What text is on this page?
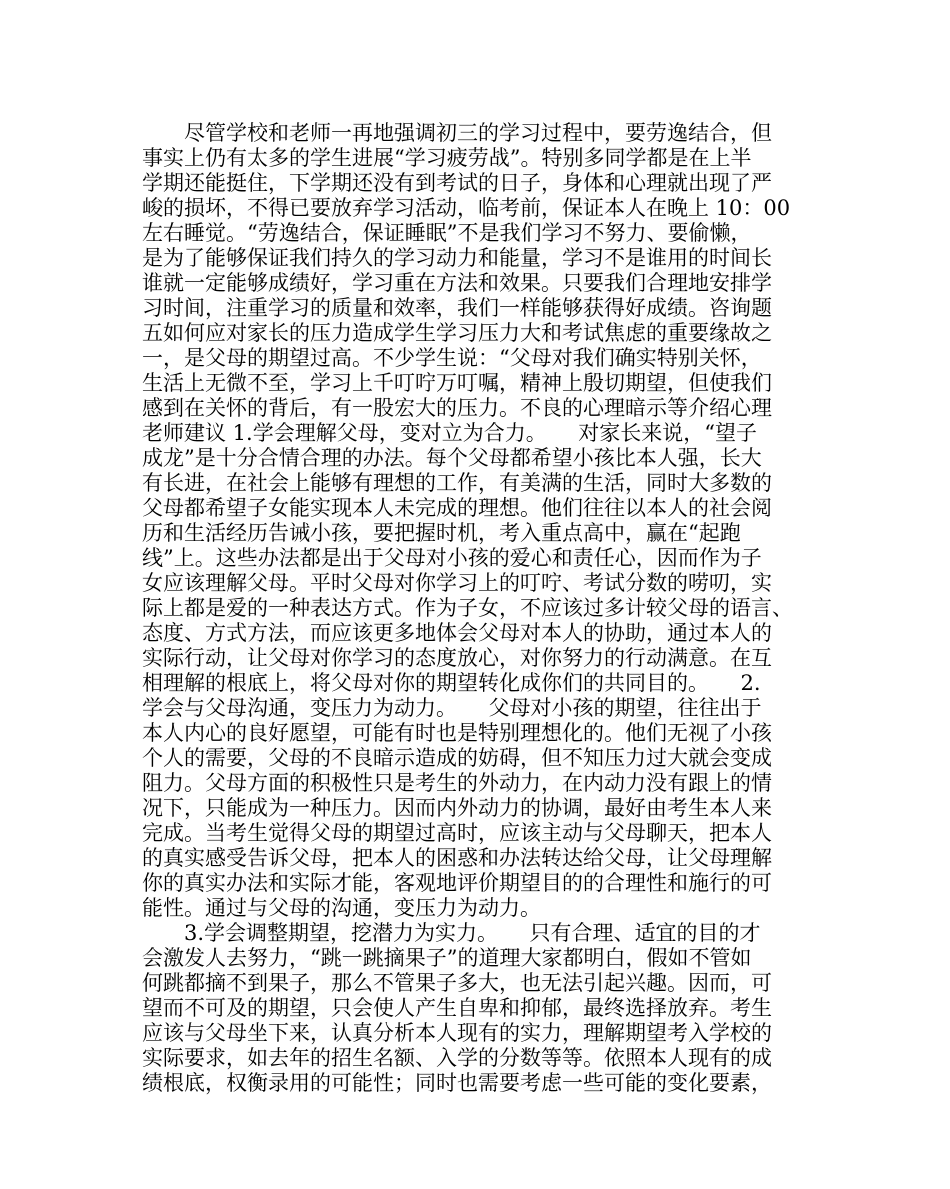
　　尽管学校和老师一再地强调初三的学习过程中，要劳逸结合，但
事实上仍有太多的学生进展“学习疲劳战”。特别多同学都是在上半
学期还能挺住，下学期还没有到考试的日子，身体和心理就出现了严
峻的损坏，不得已要放弃学习活动，临考前，保证本人在晚上 10：00
左右睡觉。“劳逸结合，保证睡眠”不是我们学习不努力、要偷懒，
是为了能够保证我们持久的学习动力和能量，学习不是谁用的时间长
谁就一定能够成绩好，学习重在方法和效果。只要我们合理地安排学
习时间，注重学习的质量和效率，我们一样能够获得好成绩。咨询题
五如何应对家长的压力造成学生学习压力大和考试焦虑的重要缘故之
一，是父母的期望过高。不少学生说：“父母对我们确实特别关怀，
生活上无微不至，学习上千叮咛万叮嘱，精神上殷切期望，但使我们
感到在关怀的背后，有一股宏大的压力。不良的心理暗示等介绍心理
老师建议 1.学会理解父母，变对立为合力。　　对家长来说，“望子
成龙”是十分合情合理的办法。每个父母都希望小孩比本人强，长大
有长进，在社会上能够有理想的工作，有美满的生活，同时大多数的
父母都希望子女能实现本人未完成的理想。他们往往以本人的社会阅
历和生活经历告诫小孩，要把握时机，考入重点高中，赢在“起跑
线”上。这些办法都是出于父母对小孩的爱心和责任心，因而作为子
女应该理解父母。平时父母对你学习上的叮咛、考试分数的唠叨，实
际上都是爱的一种表达方式。作为子女，不应该过多计较父母的语言、
态度、方式方法，而应该更多地体会父母对本人的协助，通过本人的
实际行动，让父母对你学习的态度放心，对你努力的行动满意。在互
相理解的根底上，将父母对你的期望转化成你们的共同目的。　　2.
学会与父母沟通，变压力为动力。　　父母对小孩的期望，往往出于
本人内心的良好愿望，可能有时也是特别理想化的。他们无视了小孩
个人的需要，父母的不良暗示造成的妨碍，但不知压力过大就会变成
阻力。父母方面的积极性只是考生的外动力，在内动力没有跟上的情
况下，只能成为一种压力。因而内外动力的协调，最好由考生本人来
完成。当考生觉得父母的期望过高时，应该主动与父母聊天，把本人
的真实感受告诉父母，把本人的困惑和办法转达给父母，让父母理解
你的真实办法和实际才能，客观地评价期望目的的合理性和施行的可
能性。通过与父母的沟通，变压力为动力。
　　3.学会调整期望，挖潜力为实力。　　只有合理、适宜的目的才
会激发人去努力，“跳一跳摘果子”的道理大家都明白，假如不管如
何跳都摘不到果子，那么不管果子多大，也无法引起兴趣。因而，可
望而不可及的期望，只会使人产生自卑和抑郁，最终选择放弃。考生
应该与父母坐下来，认真分析本人现有的实力，理解期望考入学校的
实际要求，如去年的招生名额、入学的分数等等。依照本人现有的成
绩根底，权衡录用的可能性；同时也需要考虑一些可能的变化要素，
